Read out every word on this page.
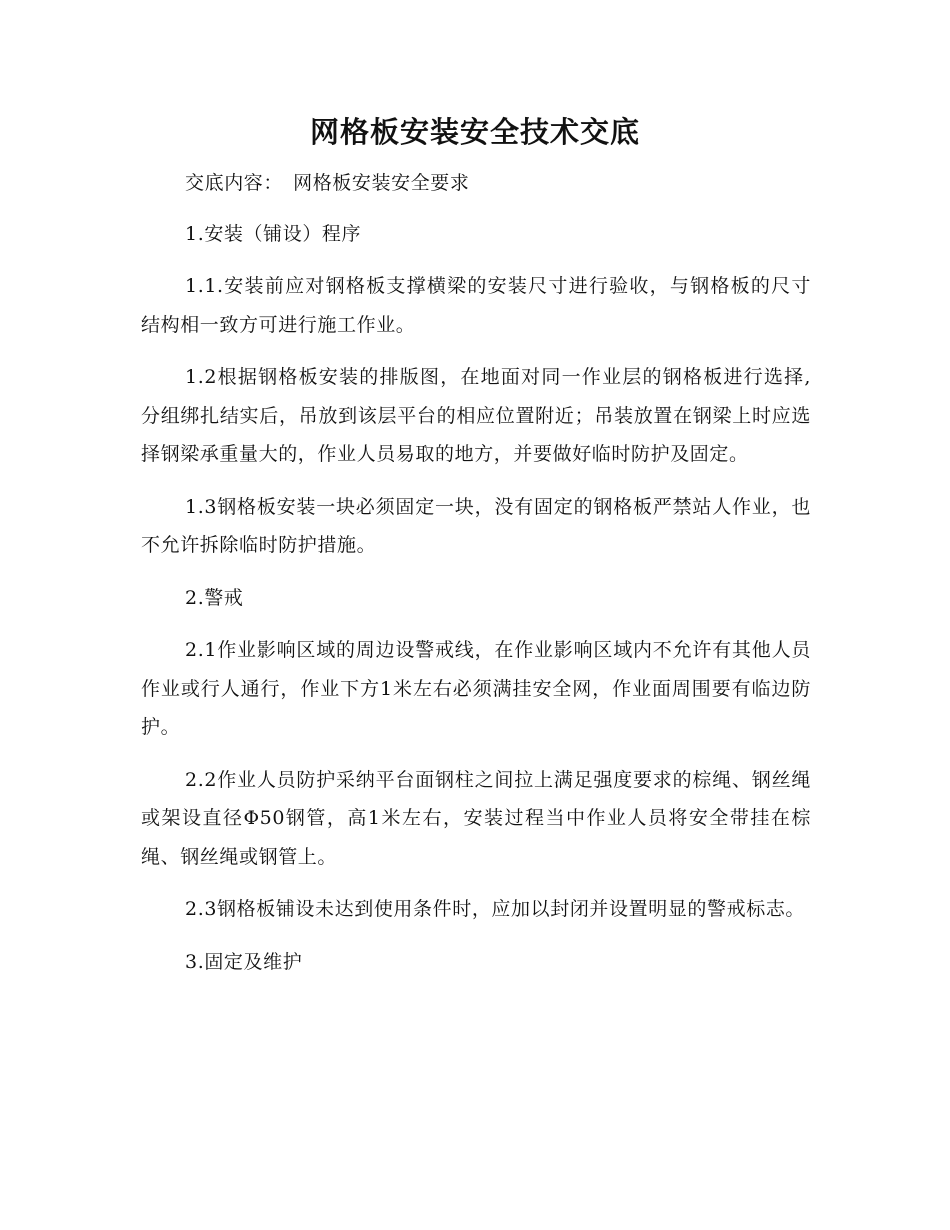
网格板安装安全技术交底

交底内容：　网格板安装安全要求

1.安装（铺设）程序

1.1.安装前应对钢格板支撑横梁的安装尺寸进行验收，与钢格板的尺寸结构相一致方可进行施工作业。

1.2根据钢格板安装的排版图，在地面对同一作业层的钢格板进行选择,分组绑扎结实后，吊放到该层平台的相应位置附近；吊装放置在钢梁上时应选择钢梁承重量大的，作业人员易取的地方，并要做好临时防护及固定。

1.3钢格板安装一块必须固定一块，没有固定的钢格板严禁站人作业，也不允许拆除临时防护措施。

2.警戒

2.1作业影响区域的周边设警戒线，在作业影响区域内不允许有其他人员作业或行人通行，作业下方1米左右必须满挂安全网，作业面周围要有临边防护。

2.2作业人员防护采纳平台面钢柱之间拉上满足强度要求的棕绳、钢丝绳或架设直径Φ50钢管，高1米左右，安装过程当中作业人员将安全带挂在棕绳、钢丝绳或钢管上。

2.3钢格板铺设未达到使用条件时，应加以封闭并设置明显的警戒标志。

3.固定及维护
